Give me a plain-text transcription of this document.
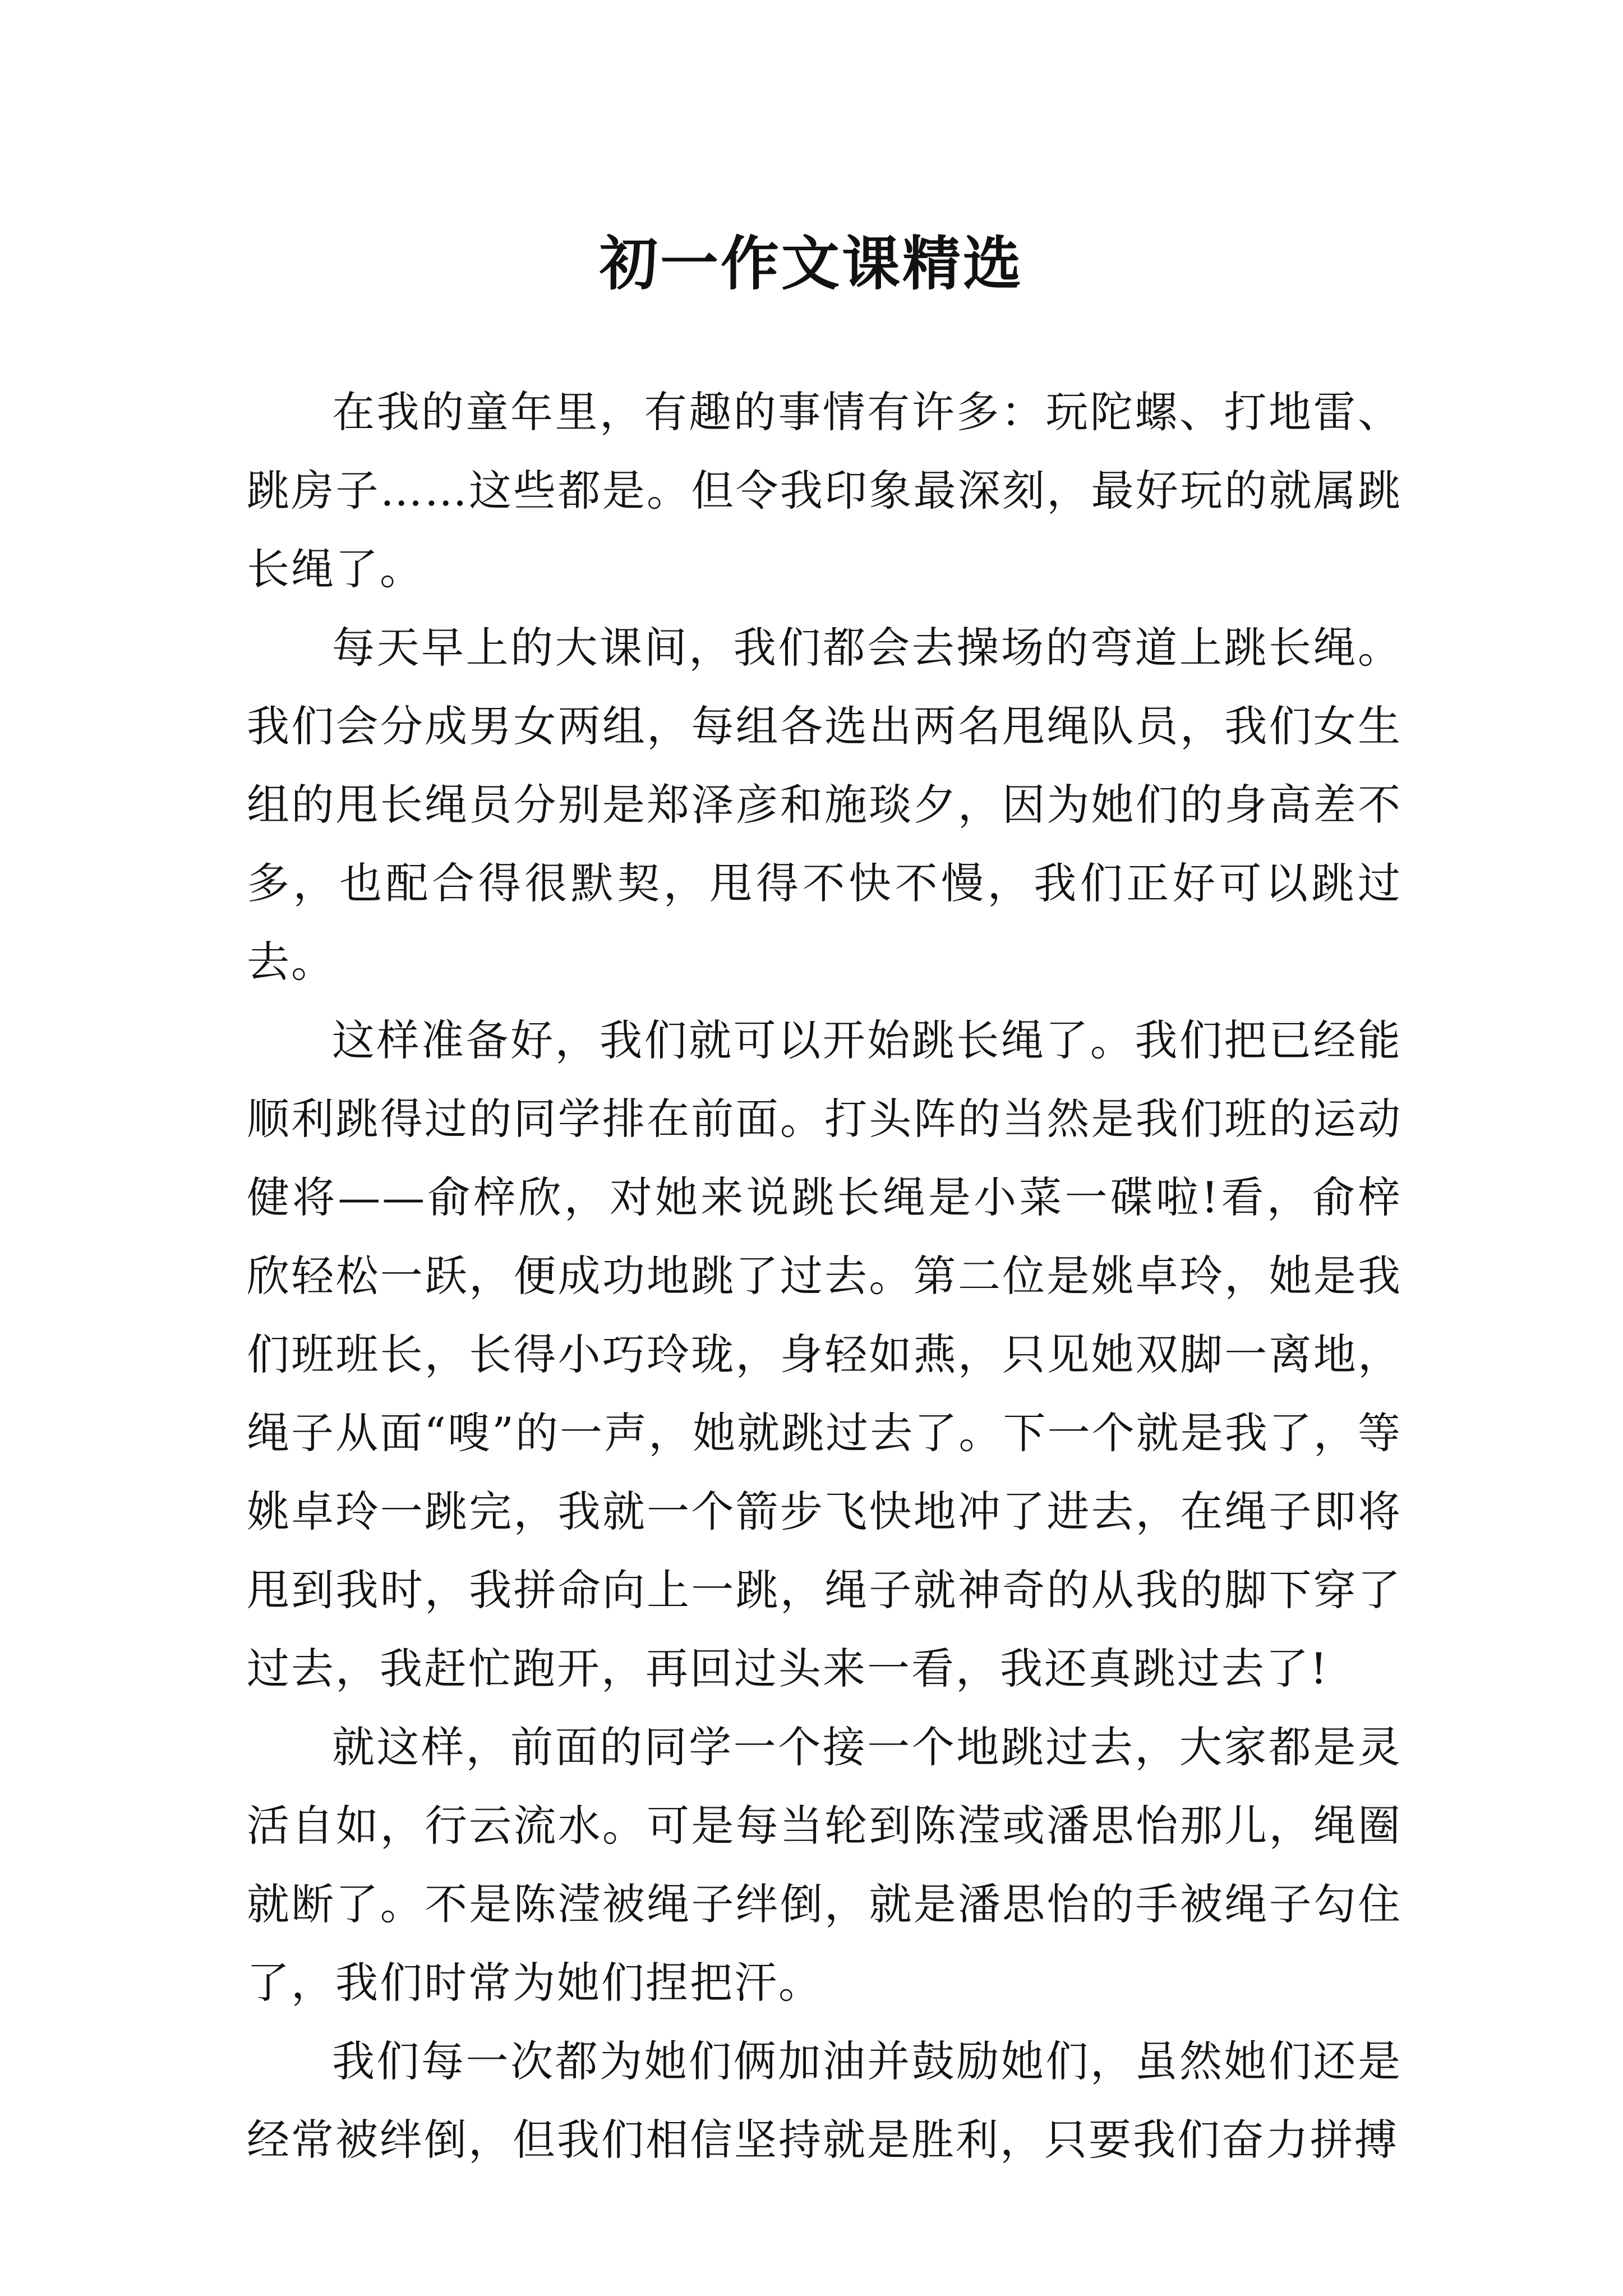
初一作文课精选

在我的童年里，有趣的事情有许多：玩陀螺、打地雷、跳房子……这些都是。但令我印象最深刻，最好玩的就属跳长绳了。

每天早上的大课间，我们都会去操场的弯道上跳长绳。我们会分成男女两组，每组各选出两名甩绳队员，我们女生组的甩长绳员分别是郑泽彦和施琰夕，因为她们的身高差不多，也配合得很默契，甩得不快不慢，我们正好可以跳过去。

这样准备好，我们就可以开始跳长绳了。我们把已经能顺利跳得过的同学排在前面。打头阵的当然是我们班的运动健将——俞梓欣，对她来说跳长绳是小菜一碟啦!看，俞梓欣轻松一跃，便成功地跳了过去。第二位是姚卓玲，她是我们班班长，长得小巧玲珑，身轻如燕，只见她双脚一离地，绳子从面“嗖”的一声，她就跳过去了。下一个就是我了，等姚卓玲一跳完，我就一个箭步飞快地冲了进去，在绳子即将甩到我时，我拼命向上一跳，绳子就神奇的从我的脚下穿了过去，我赶忙跑开，再回过头来一看，我还真跳过去了!

就这样，前面的同学一个接一个地跳过去，大家都是灵活自如，行云流水。可是每当轮到陈滢或潘思怡那儿，绳圈就断了。不是陈滢被绳子绊倒，就是潘思怡的手被绳子勾住了，我们时常为她们捏把汗。

我们每一次都为她们俩加油并鼓励她们，虽然她们还是经常被绊倒，但我们相信坚持就是胜利，只要我们奋力拼搏
